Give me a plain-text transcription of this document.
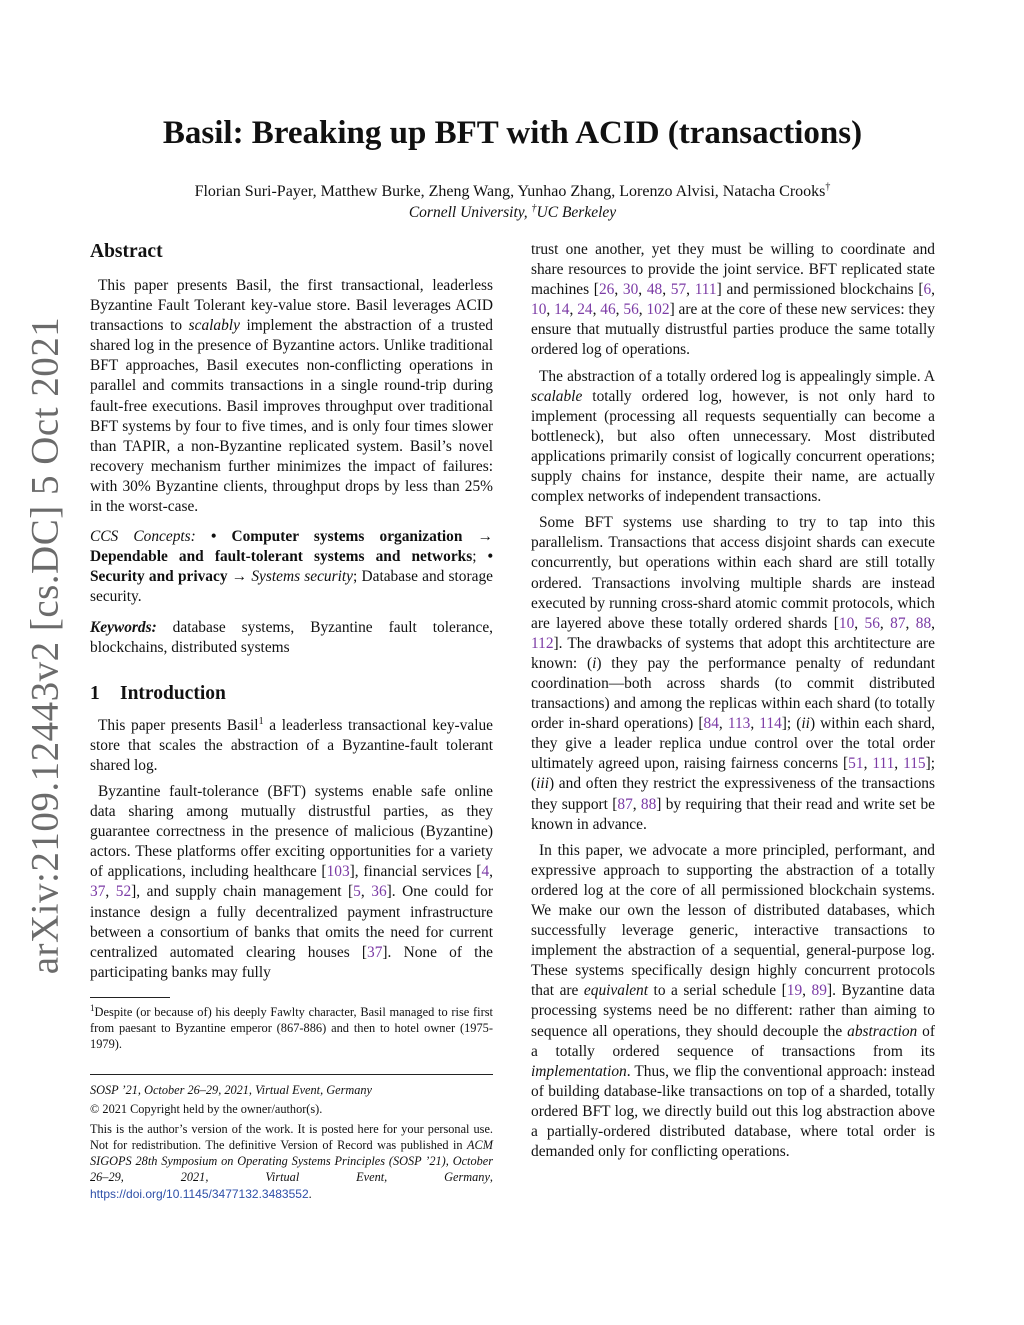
arXiv:2109.12443v2 [cs.DC] 5 Oct 2021
Basil: Breaking up BFT with ACID (transactions)
Florian Suri-Payer, Matthew Burke, Zheng Wang, Yunhao Zhang, Lorenzo Alvisi, Natacha Crooks†
Cornell University, †UC Berkeley
Abstract

This paper presents Basil, the first transactional, leaderless Byzantine Fault Tolerant key-value store. Basil leverages ACID transactions to scalably implement the abstraction of a trusted shared log in the presence of Byzantine actors. Unlike traditional BFT approaches, Basil executes non-conflicting operations in parallel and commits transactions in a single round-trip during fault-free executions. Basil improves throughput over traditional BFT systems by four to five times, and is only four times slower than TAPIR, a non-Byzantine replicated system. Basil’s novel recovery mechanism further minimizes the impact of failures: with 30% Byzantine clients, throughput drops by less than 25% in the worst-case.

CCS Concepts: • Computer systems organization → Dependable and fault-tolerant systems and networks; • Security and privacy → Systems security; Database and storage security.

Keywords: database systems, Byzantine fault tolerance, blockchains, distributed systems

1 Introduction

This paper presents Basil$^1$ a leaderless transactional key-value store that scales the abstraction of a Byzantine-fault tolerant shared log.

Byzantine fault-tolerance (BFT) systems enable safe online data sharing among mutually distrustful parties, as they guarantee correctness in the presence of malicious (Byzantine) actors. These platforms offer exciting opportunities for a variety of applications, including healthcare [103], financial services [4, 37, 52], and supply chain management [5, 36]. One could for instance design a fully decentralized payment infrastructure between a consortium of banks that omits the need for current centralized automated clearing houses [37]. None of the participating banks may fully

$^1$Despite (or because of) his deeply Fawlty character, Basil managed to rise first from paesant to Byzantine emperor (867-886) and then to hotel owner (1975-1979).

SOSP ’21, October 26–29, 2021, Virtual Event, Germany

© 2021 Copyright held by the owner/author(s).

This is the author’s version of the work. It is posted here for your personal use. Not for redistribution. The definitive Version of Record was published in ACM SIGOPS 28th Symposium on Operating Systems Principles (SOSP ’21), October 26–29, 2021, Virtual Event, Germany, https://doi.org/10.1145/3477132.3483552.

trust one another, yet they must be willing to coordinate and share resources to provide the joint service. BFT replicated state machines [26, 30, 48, 57, 111] and permissioned blockchains [6, 10, 14, 24, 46, 56, 102] are at the core of these new services: they ensure that mutually distrustful parties produce the same totally ordered log of operations.

The abstraction of a totally ordered log is appealingly simple. A scalable totally ordered log, however, is not only hard to implement (processing all requests sequentially can become a bottleneck), but also often unnecessary. Most distributed applications primarily consist of logically concurrent operations; supply chains for instance, despite their name, are actually complex networks of independent transactions.

Some BFT systems use sharding to try to tap into this parallelism. Transactions that access disjoint shards can execute concurrently, but operations within each shard are still totally ordered. Transactions involving multiple shards are instead executed by running cross-shard atomic commit protocols, which are layered above these totally ordered shards [10, 56, 87, 88, 112]. The drawbacks of systems that adopt this archtitecture are known: (i) they pay the performance penalty of redundant coordination—both across shards (to commit distributed transactions) and among the replicas within each shard (to totally order in-shard operations) [84, 113, 114]; (ii) within each shard, they give a leader replica undue control over the total order ultimately agreed upon, raising fairness concerns [51, 111, 115]; (iii) and often they restrict the expressiveness of the transactions they support [87, 88] by requiring that their read and write set be known in advance.

In this paper, we advocate a more principled, performant, and expressive approach to supporting the abstraction of a totally ordered log at the core of all permissioned blockchain systems. We make our own the lesson of distributed databases, which successfully leverage generic, interactive transactions to implement the abstraction of a sequential, general-purpose log. These systems specifically design highly concurrent protocols that are equivalent to a serial schedule [19, 89]. Byzantine data processing systems need be no different: rather than aiming to sequence all operations, they should decouple the abstraction of a totally ordered sequence of transactions from its implementation. Thus, we flip the conventional approach: instead of building database-like transactions on top of a sharded, totally ordered BFT log, we directly build out this log abstraction above a partially-ordered distributed database, where total order is demanded only for conflicting operations.
